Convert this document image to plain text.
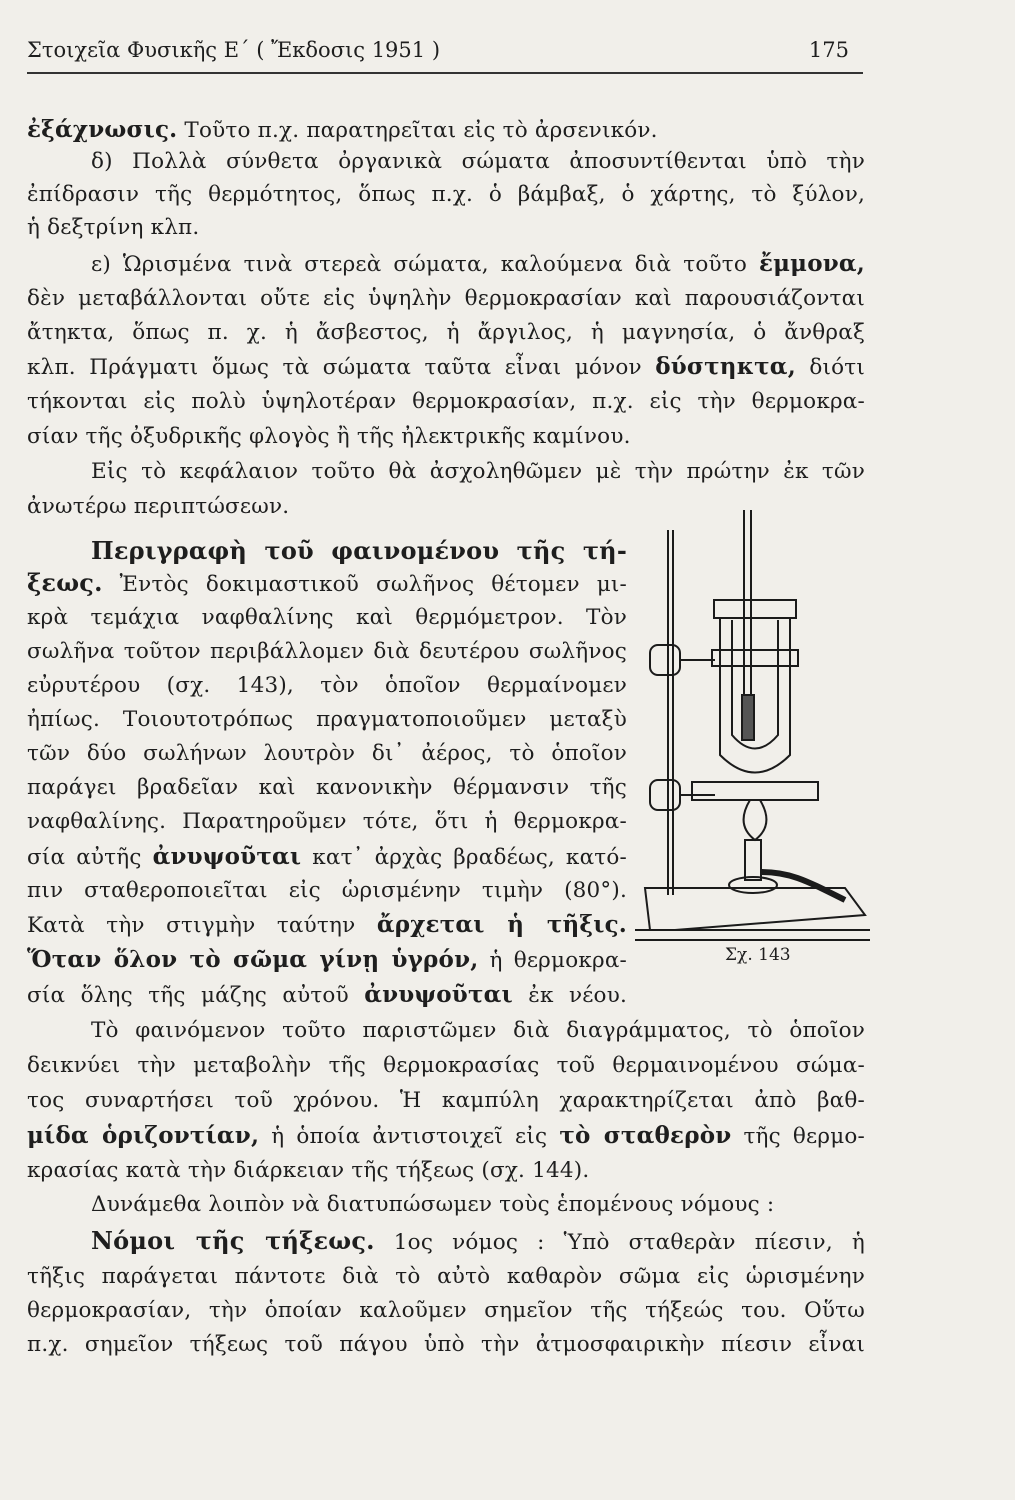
Στοιχεῖα Φυσικῆς Ε΄ ( Ἔκδοσις 1951 )	175
ἐξάχνωσις. Τοῦτο π.χ. παρατηρεῖται εἰς τὸ ἀρσενικόν.
δ) Πολλὰ σύνθετα ὀργανικὰ σώματα ἀποσυντίθενται ὑπὸ τὴν
ἐπίδρασιν τῆς θερμότητος, ὅπως π.χ. ὁ βάμβαξ, ὁ χάρτης, τὸ ξύλον,
ἡ δεξτρίνη κλπ.
ε) Ὡρισμένα τινὰ στερεὰ σώματα, καλούμενα διὰ τοῦτο ἔμμονα,
δὲν μεταβάλλονται οὔτε εἰς ὑψηλὴν θερμοκρασίαν καὶ παρουσιάζονται
ἄτηκτα, ὅπως π. χ. ἡ ἄσβεστος, ἡ ἄργιλος, ἡ μαγνησία, ὁ ἄνθραξ
κλπ. Πράγματι ὅμως τὰ σώματα ταῦτα εἶναι μόνον δύστηκτα, διότι
τήκονται εἰς πολὺ ὑψηλοτέραν θερμοκρασίαν, π.χ. εἰς τὴν θερμοκρα-
σίαν τῆς ὀξυδρικῆς φλογὸς ἢ τῆς ἠλεκτρικῆς καμίνου.
Εἰς τὸ κεφάλαιον τοῦτο θὰ ἀσχοληθῶμεν μὲ τὴν πρώτην ἐκ τῶν
ἀνωτέρω περιπτώσεων.
Περιγραφὴ τοῦ φαινομένου τῆς τή-
ξεως. Ἐντὸς δοκιμαστικοῦ σωλῆνος θέτομεν μι-
κρὰ τεμάχια ναφθαλίνης καὶ θερμόμετρον. Τὸν
σωλῆνα τοῦτον περιβάλλομεν διὰ δευτέρου σωλῆνος
εὐρυτέρου (σχ. 143), τὸν ὁποῖον θερμαίνομεν
ἠπίως. Τοιουτοτρόπως πραγματοποιοῦμεν μεταξὺ
τῶν δύο σωλήνων λουτρὸν δι᾽ ἀέρος, τὸ ὁποῖον
παράγει βραδεῖαν καὶ κανονικὴν θέρμανσιν τῆς
ναφθαλίνης. Παρατηροῦμεν τότε, ὅτι ἡ θερμοκρα-
σία αὐτῆς ἀνυψοῦται κατ᾽ ἀρχὰς βραδέως, κατό-
πιν σταθεροποιεῖται εἰς ὡρισμένην τιμὴν (80°).
Κατὰ τὴν στιγμὴν ταύτην ἄρχεται ἡ τῆξις.
Ὅταν ὅλον τὸ σῶμα γίνῃ ὑγρόν, ἡ θερμοκρα-
σία ὅλης τῆς μάζης αὐτοῦ ἀνυψοῦται ἐκ νέου.
Τὸ φαινόμενον τοῦτο παριστῶμεν διὰ διαγράμματος, τὸ ὁποῖον
δεικνύει τὴν μεταβολὴν τῆς θερμοκρασίας τοῦ θερμαινομένου σώμα-
τος συναρτήσει τοῦ χρόνου. Ἡ καμπύλη χαρακτηρίζεται ἀπὸ βαθ-
μίδα ὁριζοντίαν, ἡ ὁποία ἀντιστοιχεῖ εἰς τὸ σταθερὸν τῆς θερμο-
κρασίας κατὰ τὴν διάρκειαν τῆς τήξεως (σχ. 144).
Δυνάμεθα λοιπὸν νὰ διατυπώσωμεν τοὺς ἑπομένους νόμους :
Νόμοι τῆς τήξεως. 1ος νόμος : Ὑπὸ σταθερὰν πίεσιν, ἡ
τῆξις παράγεται πάντοτε διὰ τὸ αὐτὸ καθαρὸν σῶμα εἰς ὡρισμένην
θερμοκρασίαν, τὴν ὁποίαν καλοῦμεν σημεῖον τῆς τήξεώς του. Οὕτω
π.χ. σημεῖον τήξεως τοῦ πάγου ὑπὸ τὴν ἀτμοσφαιρικὴν πίεσιν εἶναι
Σχ. 143
